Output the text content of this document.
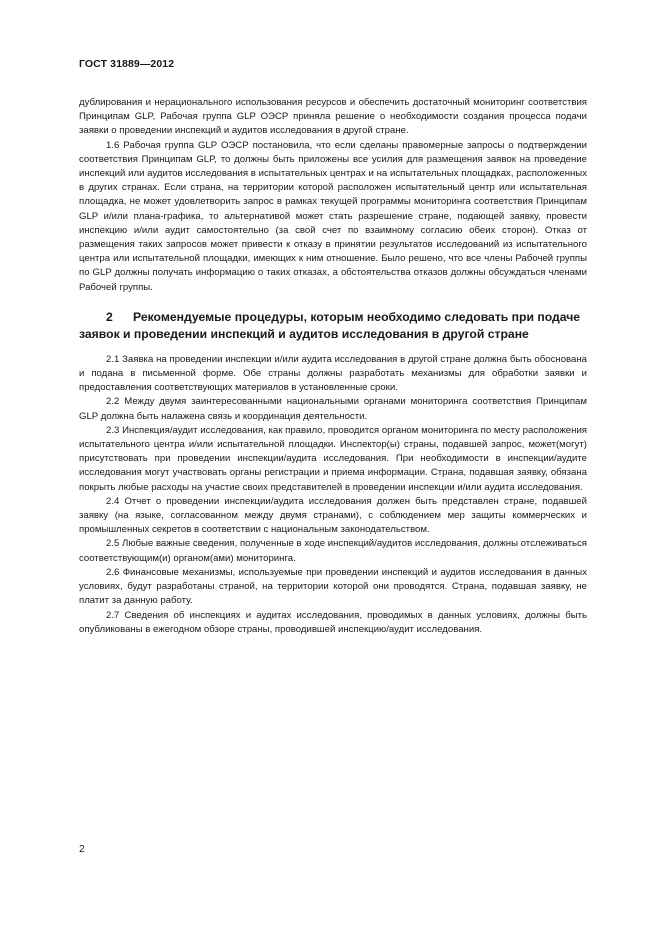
ГОСТ 31889—2012

дублирования и нерационального использования ресурсов и обеспечить достаточный мониторинг соответствия Принципам GLP, Рабочая группа GLP ОЭСР приняла решение о необходимости создания процесса подачи заявки о проведении инспекций и аудитов исследования в другой стране.

1.6 Рабочая группа GLP ОЭСР постановила, что если сделаны правомерные запросы о подтверждении соответствия Принципам GLP, то должны быть приложены все усилия для размещения заявок на проведение инспекций или аудитов исследования в испытательных центрах и на испытательных площадках, расположенных в других странах. Если страна, на территории которой расположен испытательный центр или испытательная площадка, не может удовлетворить запрос в рамках текущей программы мониторинга соответствия Принципам GLP и/или плана-графика, то альтернативой может стать разрешение стране, подающей заявку, провести инспекцию и/или аудит самостоятельно (за свой счет по взаимному согласию обеих сторон). Отказ от размещения таких запросов может привести к отказу в принятии результатов исследований из испытательного центра или испытательной площадки, имеющих к ним отношение. Было решено, что все члены Рабочей группы по GLP должны получать информацию о таких отказах, а обстоятельства отказов должны обсуждаться членами Рабочей группы.

2 Рекомендуемые процедуры, которым необходимо следовать при подаче заявок и проведении инспекций и аудитов исследования в другой стране

2.1 Заявка на проведении инспекции и/или аудита исследования в другой стране должна быть обоснована и подана в письменной форме. Обе страны должны разработать механизмы для обработки заявки и предоставления соответствующих материалов в установленные сроки.

2.2 Между двумя заинтересованными национальными органами мониторинга соответствия Принципам GLP должна быть налажена связь и координация деятельности.

2.3 Инспекция/аудит исследования, как правило, проводится органом мониторинга по месту расположения испытательного центра и/или испытательной площадки. Инспектор(ы) страны, подавшей запрос, может(могут) присутствовать при проведении инспекции/аудита исследования. При необходимости в инспекции/аудите исследования могут участвовать органы регистрации и приема информации. Страна, подавшая заявку, обязана покрыть любые расходы на участие своих представителей в проведении инспекции и/или аудита исследования.

2.4 Отчет о проведении инспекции/аудита исследования должен быть представлен стране, подавшей заявку (на языке, согласованном между двумя странами), с соблюдением мер защиты коммерческих и промышленных секретов в соответствии с национальным законодательством.

2.5 Любые важные сведения, полученные в ходе инспекций/аудитов исследования, должны отслеживаться соответствующим(и) органом(ами) мониторинга.

2.6 Финансовые механизмы, используемые при проведении инспекций и аудитов исследования в данных условиях, будут разработаны страной, на территории которой они проводятся. Страна, подавшая заявку, не платит за данную работу.

2.7 Сведения об инспекциях и аудитах исследования, проводимых в данных условиях, должны быть опубликованы в ежегодном обзоре страны, проводившей инспекцию/аудит исследования.

2
